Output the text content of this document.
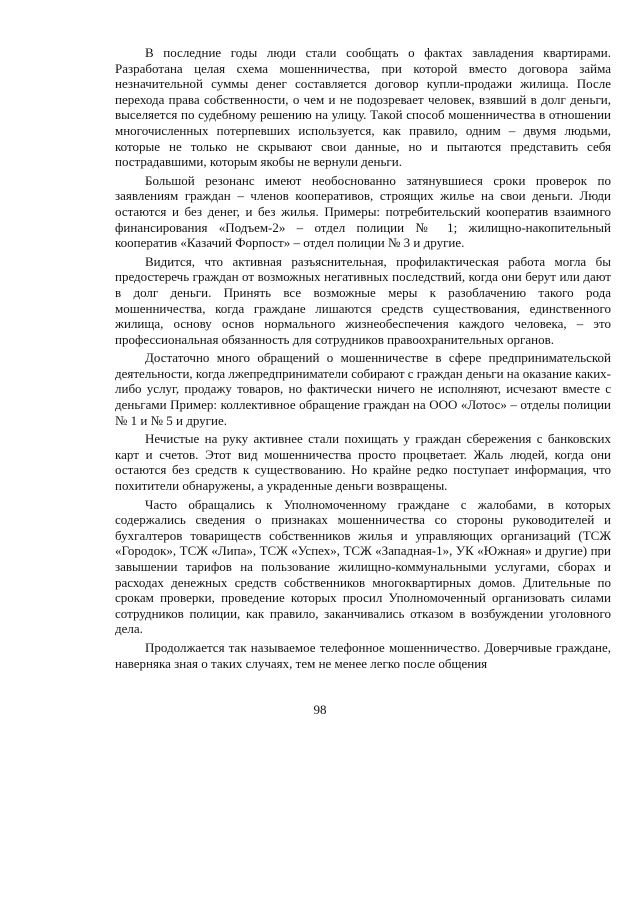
В последние годы люди стали сообщать о фактах завладения квартирами. Разработана целая схема мошенничества, при которой вместо договора займа незначительной суммы денег составляется договор купли-продажи жилища. После перехода права собственности, о чем и не подозревает человек, взявший в долг деньги, выселяется по судебному решению на улицу. Такой способ мошенничества в отношении многочисленных потерпевших используется, как правило, одним – двумя людьми, которые не только не скрывают свои данные, но и пытаются представить себя пострадавшими, которым якобы не вернули деньги.

Большой резонанс имеют необоснованно затянувшиеся сроки проверок по заявлениям граждан – членов кооперативов, строящих жилье на свои деньги. Люди остаются и без денег, и без жилья. Примеры: потребительский кооператив взаимного финансирования «Подъем-2» – отдел полиции № 1; жилищно-накопительный кооператив «Казачий Форпост» – отдел полиции № 3 и другие.

Видится, что активная разъяснительная, профилактическая работа могла бы предостеречь граждан от возможных негативных последствий, когда они берут или дают в долг деньги. Принять все возможные меры к разоблачению такого рода мошенничества, когда граждане лишаются средств существования, единственного жилища, основу основ нормального жизнеобеспечения каждого человека, – это профессиональная обязанность для сотрудников правоохранительных органов.

Достаточно много обращений о мошенничестве в сфере предпринимательской деятельности, когда лжепредприниматели собирают с граждан деньги на оказание каких-либо услуг, продажу товаров, но фактически ничего не исполняют, исчезают вместе с деньгами Пример: коллективное обращение граждан на ООО «Лотос» – отделы полиции № 1 и № 5 и другие.

Нечистые на руку активнее стали похищать у граждан сбережения с банковских карт и счетов. Этот вид мошенничества просто процветает. Жаль людей, когда они остаются без средств к существованию. Но крайне редко поступает информация, что похитители обнаружены, а украденные деньги возвращены.

Часто обращались к Уполномоченному граждане с жалобами, в которых содержались сведения о признаках мошенничества со стороны руководителей и бухгалтеров товариществ собственников жилья и управляющих организаций (ТСЖ «Городок», ТСЖ «Липа», ТСЖ «Успех», ТСЖ «Западная-1», УК «Южная» и другие) при завышении тарифов на пользование жилищно-коммунальными услугами, сборах и расходах денежных средств собственников многоквартирных домов. Длительные по срокам проверки, проведение которых просил Уполномоченный организовать силами сотрудников полиции, как правило, заканчивались отказом в возбуждении уголовного дела.

Продолжается так называемое телефонное мошенничество. Доверчивые граждане, наверняка зная о таких случаях, тем не менее легко после общения

98
